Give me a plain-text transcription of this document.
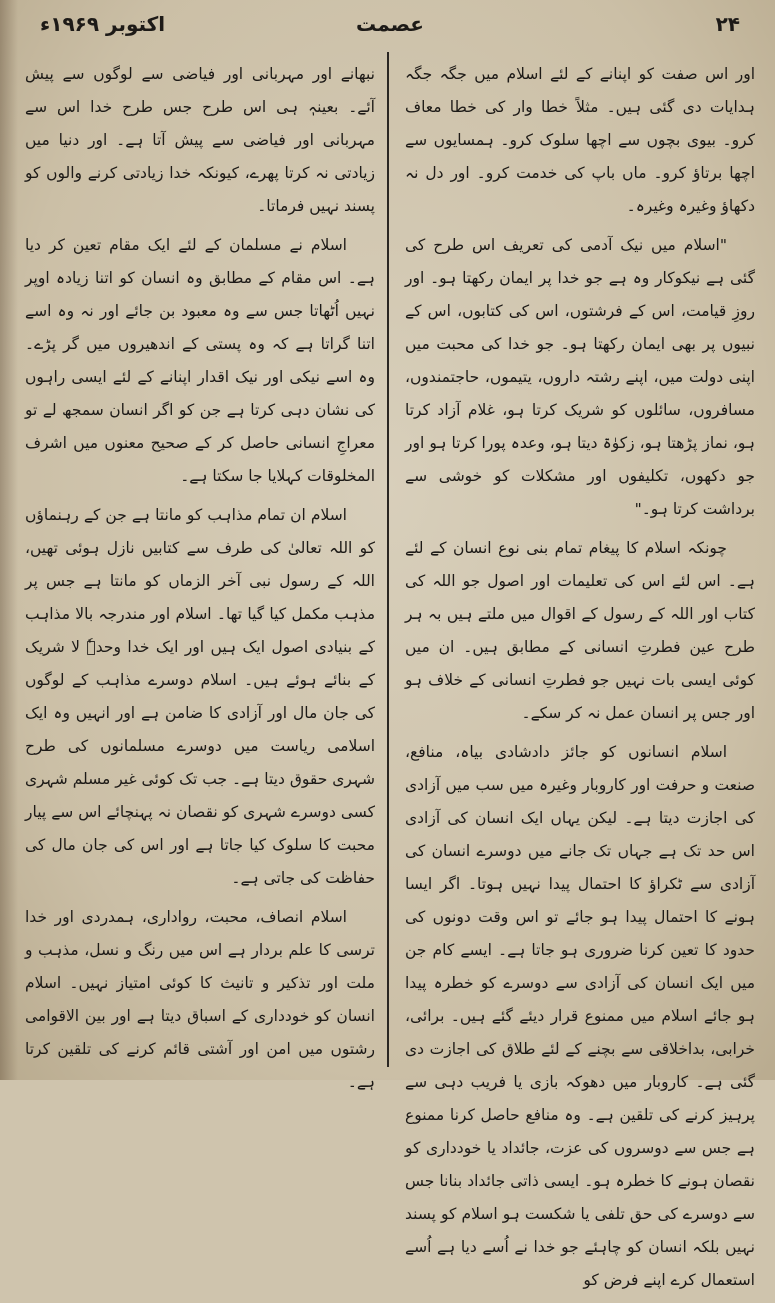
اکتوبر ۱۹۶۹ء	عصمت	۲۴

اور اس صفت کو اپنانے کے لئے اسلام میں جگہ جگہ ہدایات دی گئی ہیں۔ مثلاً خطا وار کی خطا معاف کرو۔ بیوی بچوں سے اچھا سلوک کرو۔ ہمسایوں سے اچھا برتاؤ کرو۔ ماں باپ کی خدمت کرو۔ اور دل نہ دکھاؤ وغیرہ وغیرہ۔

"اسلام میں نیک آدمی کی تعریف اس طرح کی گئی ہے نیکوکار وہ ہے جو خدا پر ایمان رکھتا ہو۔ اور روزِ قیامت، اس کے فرشتوں، اس کی کتابوں، اس کے نبیوں پر بھی ایمان رکھتا ہو۔ جو خدا کی محبت میں اپنی دولت میں، اپنے رشتہ داروں، یتیموں، حاجتمندوں، مسافروں، سائلوں کو شریک کرتا ہو، غلام آزاد کرتا ہو، نماز پڑھتا ہو، زکوٰۃ دیتا ہو، وعدہ پورا کرتا ہو اور جو دکھوں، تکلیفوں اور مشکلات کو خوشی سے برداشت کرتا ہو۔"

چونکہ اسلام کا پیغام تمام بنی نوع انسان کے لئے ہے۔ اس لئے اس کی تعلیمات اور اصول جو اللہ کی کتاب اور اللہ کے رسول کے اقوال میں ملتے ہیں بہ ہر طرح عین فطرتِ انسانی کے مطابق ہیں۔ ان میں کوئی ایسی بات نہیں جو فطرتِ انسانی کے خلاف ہو اور جس پر انسان عمل نہ کر سکے۔

اسلام انسانوں کو جائز دادشادی بیاہ، منافع، صنعت و حرفت اور کاروبار وغیرہ میں سب میں آزادی کی اجازت دیتا ہے۔ لیکن یہاں ایک انسان کی آزادی اس حد تک ہے جہاں تک جانے میں دوسرے انسان کی آزادی سے ٹکراؤ کا احتمال پیدا نہیں ہوتا۔ اگر ایسا ہونے کا احتمال پیدا ہو جائے تو اس وقت دونوں کی حدود کا تعین کرنا ضروری ہو جاتا ہے۔ ایسے کام جن میں ایک انسان کی آزادی سے دوسرے کو خطرہ پیدا ہو جائے اسلام میں ممنوع قرار دیئے گئے ہیں۔ برائی، خرابی، بداخلاقی سے بچنے کے لئے طلاق کی اجازت دی گئی ہے۔ کاروبار میں دھوکہ بازی یا فریب دہی سے پرہیز کرنے کی تلقین ہے۔ وہ منافع حاصل کرنا ممنوع ہے جس سے دوسروں کی عزت، جائداد یا خودداری کو نقصان ہونے کا خطرہ ہو۔ ایسی ذاتی جائداد بنانا جس سے دوسرے کی حق تلفی یا شکست ہو اسلام کو پسند نہیں بلکہ انسان کو چاہئے جو خدا نے اُسے دیا ہے اُسے استعمال کرے اپنے فرض کو

نبھانے اور مہربانی اور فیاضی سے لوگوں سے پیش آئے۔ بعینہٖ ہی اس طرح جس طرح خدا اس سے مہربانی اور فیاضی سے پیش آتا ہے۔ اور دنیا میں زیادتی نہ کرتا پھرے، کیونکہ خدا زیادتی کرنے والوں کو پسند نہیں فرماتا۔

اسلام نے مسلمان کے لئے ایک مقام تعین کر دیا ہے۔ اس مقام کے مطابق وہ انسان کو اتنا زیادہ اوپر نہیں اُٹھاتا جس سے وہ معبود بن جائے اور نہ وہ اسے اتنا گراتا ہے کہ وہ پستی کے اندھیروں میں گر پڑے۔ وہ اسے نیکی اور نیک اقدار اپنانے کے لئے ایسی راہوں کی نشان دہی کرتا ہے جن کو اگر انسان سمجھ لے تو معراجِ انسانی حاصل کر کے صحیح معنوں میں اشرف المخلوقات کہلایا جا سکتا ہے۔

اسلام ان تمام مذاہب کو مانتا ہے جن کے رہنماؤں کو اللہ تعالیٰ کی طرف سے کتابیں نازل ہوئی تھیں، اللہ کے رسول نبی آخر الزماں کو مانتا ہے جس پر مذہب مکمل کیا گیا تھا۔ اسلام اور مندرجہ بالا مذاہب کے بنیادی اصول ایک ہیں اور ایک خدا وحدہٗ لا شریک کے بنائے ہوئے ہیں۔ اسلام دوسرے مذاہب کے لوگوں کی جان مال اور آزادی کا ضامن ہے اور انہیں وہ ایک اسلامی ریاست میں دوسرے مسلمانوں کی طرح شہری حقوق دیتا ہے۔ جب تک کوئی غیر مسلم شہری کسی دوسرے شہری کو نقصان نہ پہنچائے اس سے پیار محبت کا سلوک کیا جاتا ہے اور اس کی جان مال کی حفاظت کی جاتی ہے۔

اسلام انصاف، محبت، رواداری، ہمدردی اور خدا ترسی کا علم بردار ہے اس میں رنگ و نسل، مذہب و ملت اور تذکیر و تانیث کا کوئی امتیاز نہیں۔ اسلام انسان کو خودداری کے اسباق دیتا ہے اور بین الاقوامی رشتوں میں امن اور آشتی قائم کرنے کی تلقین کرتا ہے۔
